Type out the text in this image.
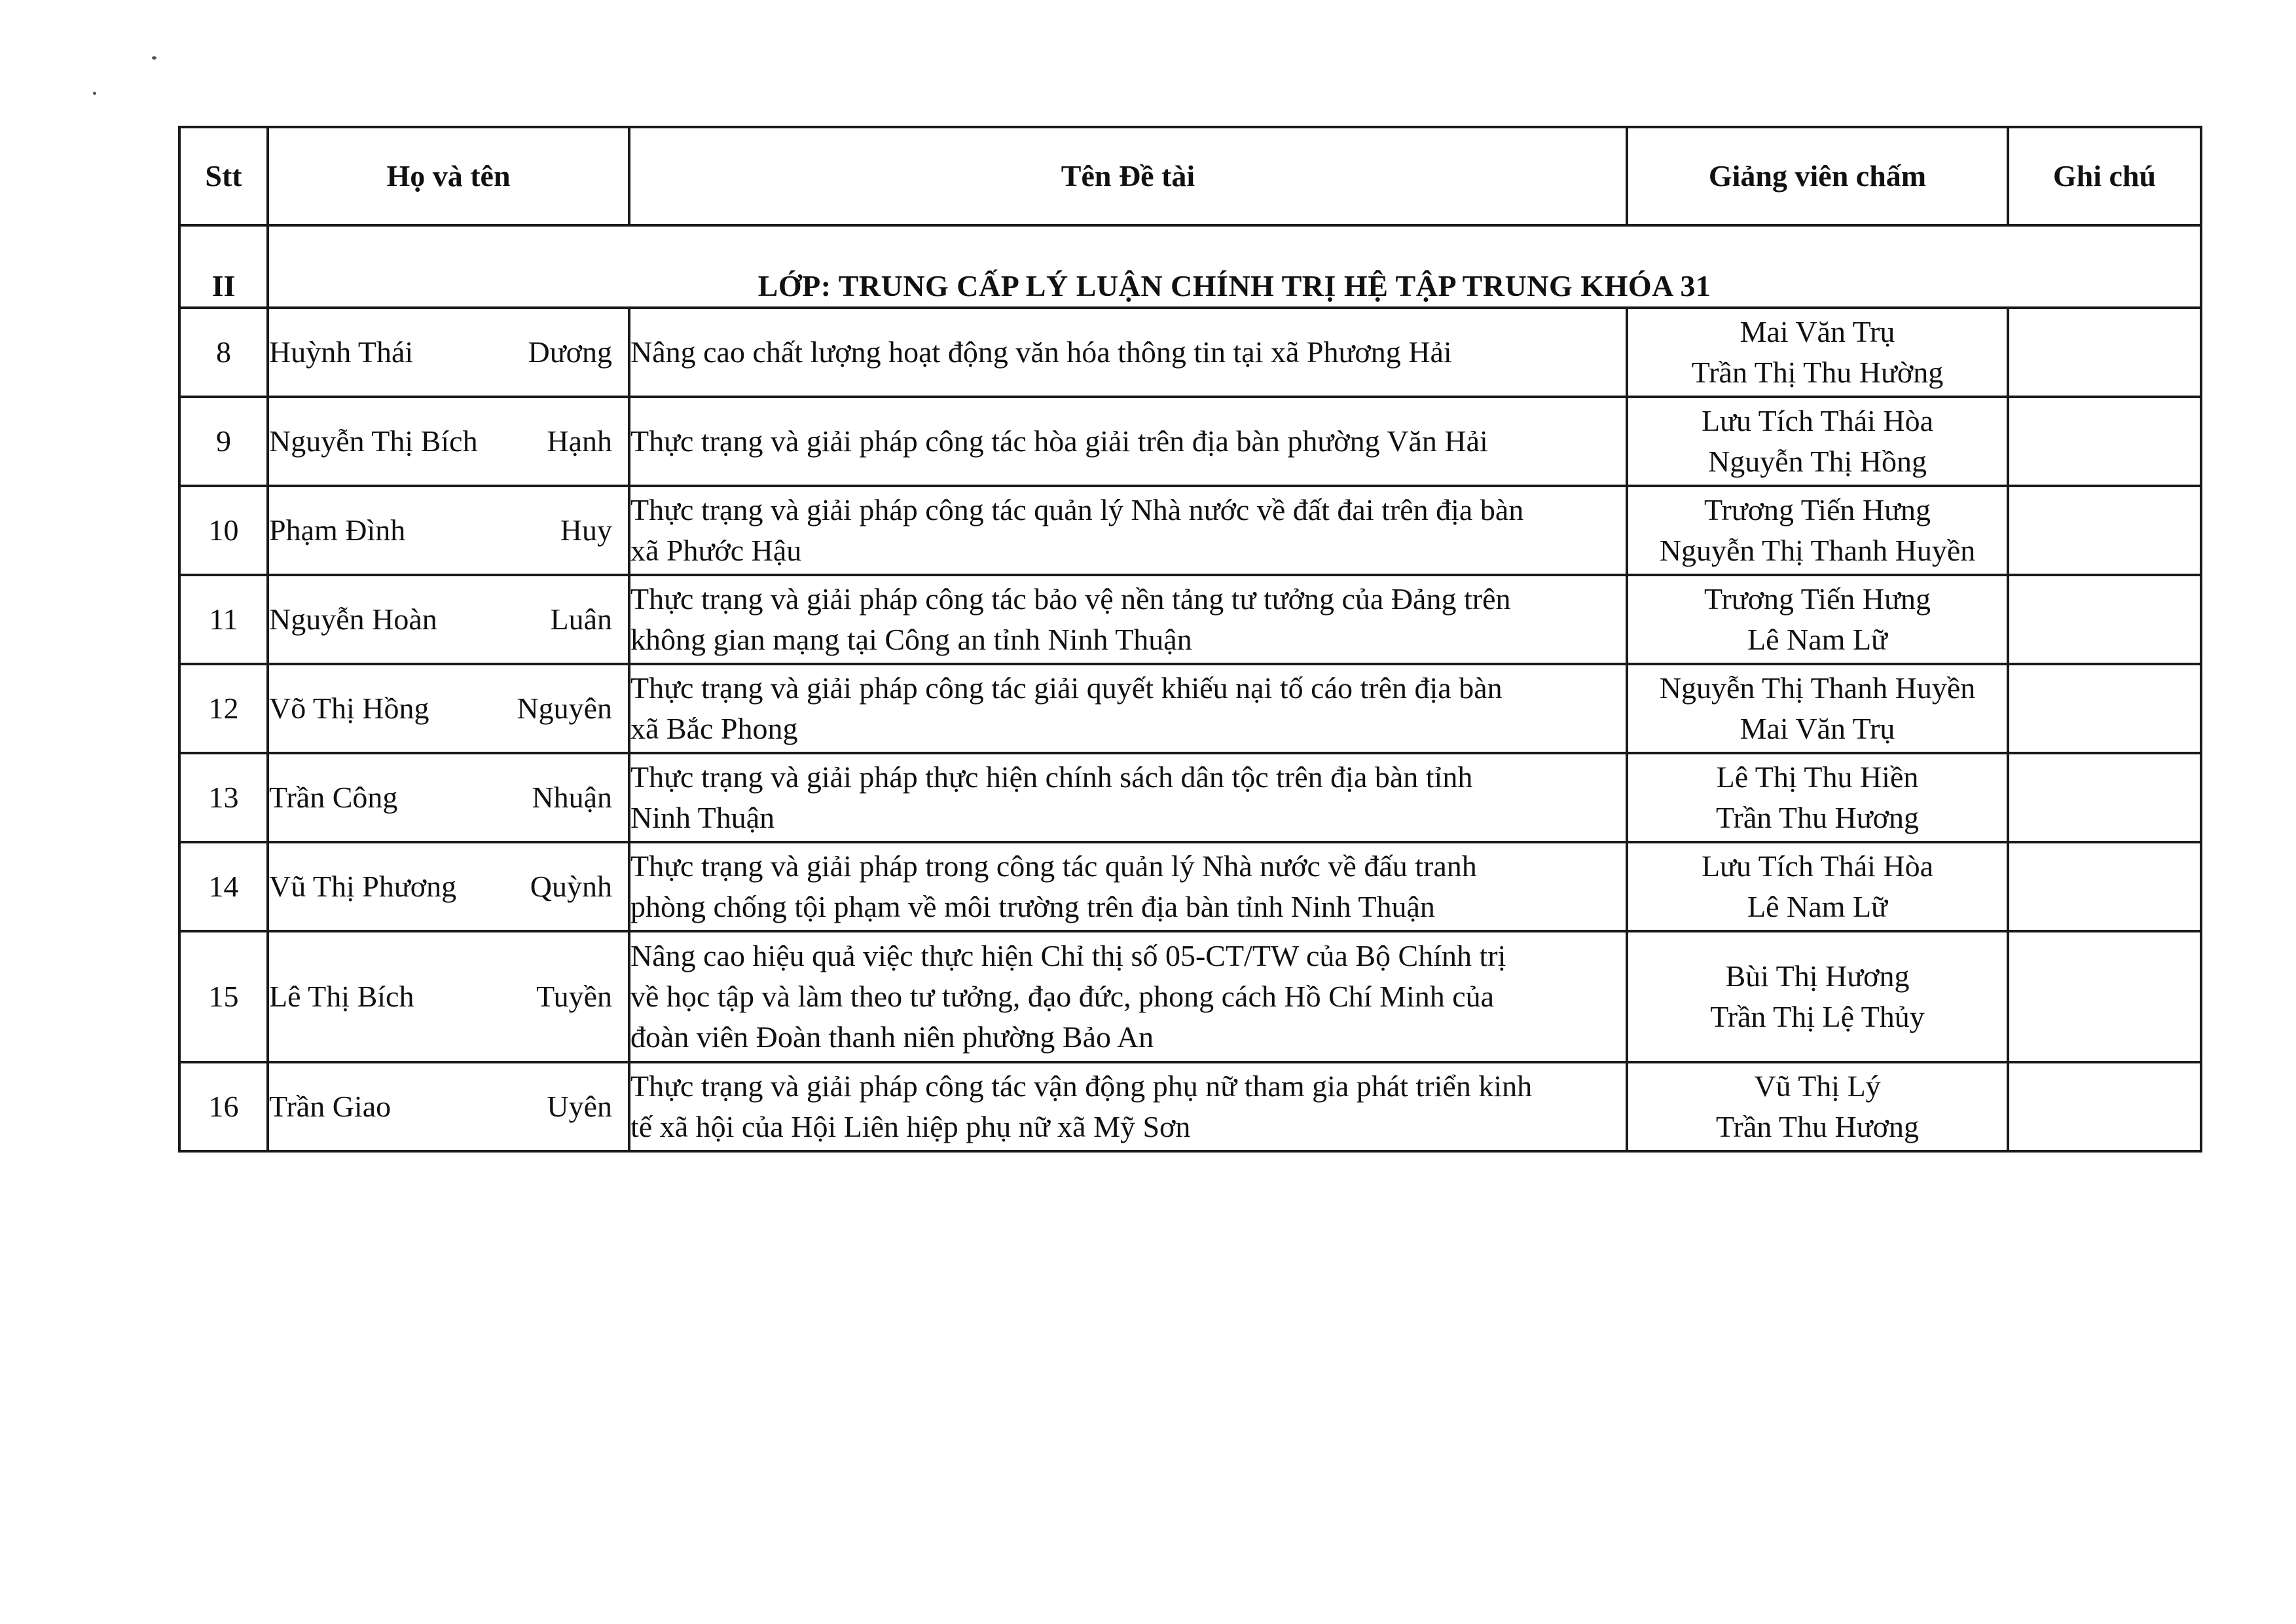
Stt	Họ và tên	Tên Đề tài	Giảng viên chấm	Ghi chú
II	LỚP: TRUNG CẤP LÝ LUẬN CHÍNH TRỊ HỆ TẬP TRUNG KHÓA 31			
8	Huỳnh Thái Dương	Nâng cao chất lượng hoạt động văn hóa thông tin tại xã Phương Hải	Mai Văn Trụ
Trần Thị Thu Hường	

9	Nguyễn Thị Bích Hạnh	Thực trạng và giải pháp công tác hòa giải trên địa bàn phường Văn Hải	Lưu Tích Thái Hòa
Nguyễn Thị Hồng	

10	Phạm Đình Huy	Thực trạng và giải pháp công tác quản lý Nhà nước về đất đai trên địa bàn
xã Phước Hậu	Trương Tiến Hưng
Nguyễn Thị Thanh Huyền	

11	Nguyễn Hoàn Luân	Thực trạng và giải pháp công tác bảo vệ nền tảng tư tưởng của Đảng trên
không gian mạng tại Công an tỉnh Ninh Thuận	Trương Tiến Hưng
Lê Nam Lữ	

12	Võ Thị Hồng Nguyên	Thực trạng và giải pháp công tác giải quyết khiếu nại tố cáo trên địa bàn
xã Bắc Phong	Nguyễn Thị Thanh Huyền
Mai Văn Trụ	

13	Trần Công Nhuận	Thực trạng và giải pháp thực hiện chính sách dân tộc trên địa bàn tỉnh
Ninh Thuận	Lê Thị Thu Hiền
Trần Thu Hương	

14	Vũ Thị Phương Quỳnh	Thực trạng và giải pháp trong công tác quản lý Nhà nước về đấu tranh
phòng chống tội phạm về môi trường trên địa bàn tỉnh Ninh Thuận	Lưu Tích Thái Hòa
Lê Nam Lữ	

15	Lê Thị Bích Tuyền	Nâng cao hiệu quả việc thực hiện Chỉ thị số 05-CT/TW của Bộ Chính trị
về học tập và làm theo tư tưởng, đạo đức, phong cách Hồ Chí Minh của
đoàn viên Đoàn thanh niên phường Bảo An	Bùi Thị Hương
Trần Thị Lệ Thủy	

16	Trần Giao Uyên	Thực trạng và giải pháp công tác vận động phụ nữ tham gia phát triển kinh
tế xã hội của Hội Liên hiệp phụ nữ xã Mỹ Sơn	Vũ Thị Lý
Trần Thu Hương	
